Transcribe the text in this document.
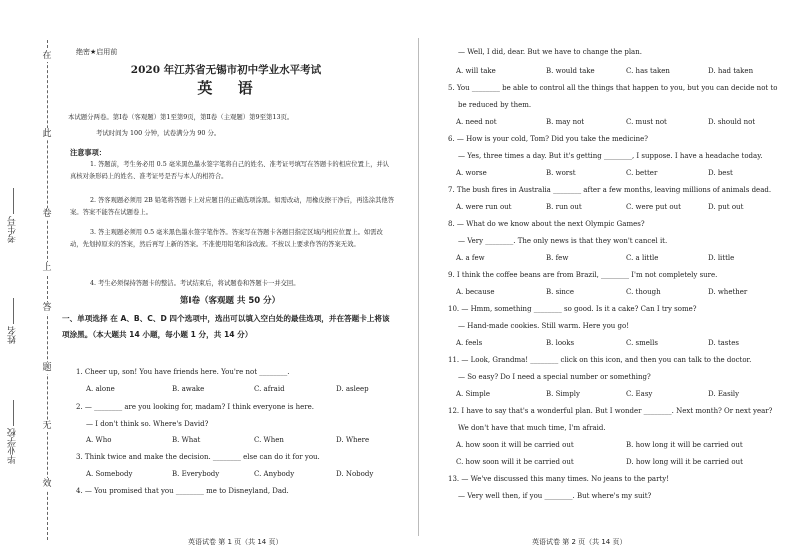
在
此
卷
上
答
题
无
效
考生号
姓名
毕业学校
绝密★启用前
2020 年江苏省无锡市初中学业水平考试
英 语
本试题分两卷。第Ⅰ卷（客观题）第1至第9页，第Ⅱ卷（主观题）第9至第13页。
考试时间为 100 分钟，试卷满分为 90 分。
注意事项：
1. 答题前，考生务必用 0.5 毫米黑色墨水签字笔将自己的姓名、准考证号填写在答题卡的相应位置上，并认真核对条形码上的姓名、准考证号是否与本人的相符合。
2. 答客观题必须用 2B 铅笔将答题卡上对应题目的正确选项涂黑。如需改动，用橡皮擦干净后，再选涂其他答案。答案不能答在试题卷上。
3. 答主观题必须用 0.5 毫米黑色墨水签字笔作答。答案写在答题卡各题目指定区域内相应位置上。如需改动，先划掉原来的答案，然后再写上新的答案。不准使用铅笔和涂改液。不按以上要求作答的答案无效。
4. 考生必须保持答题卡的整洁。考试结束后，将试题卷和答题卡一并交回。
第Ⅰ卷（客观题 共 50 分）
一、单项选择 在 A、B、C、D 四个选项中，选出可以填入空白处的最佳选项，并在答题卡上将该项涂黑。（本大题共 14 小题，每小题 1 分，共 14 分）
1. Cheer up, son! You have friends here. You're not ________.
A. alone	B. awake	C. afraid	D. asleep
2. — ________ are you looking for, madam? I think everyone is here.
— I don't think so. Where's David?
A. Who	B. What	C. When	D. Where
3. Think twice and make the decision. ________ else can do it for you.
A. Somebody	B. Everybody	C. Anybody	D. Nobody
4. — You promised that you ________ me to Disneyland, Dad.
英语试卷 第 1 页（共 14 页）
— Well, I did, dear. But we have to change the plan.
A. will take	B. would take	C. has taken	D. had taken
5. You ________ be able to control all the things that happen to you, but you can decide not to
be reduced by them.
A. need not	B. may not	C. must not	D. should not
6. — How is your cold, Tom? Did you take the medicine?
— Yes, three times a day. But it's getting ________, I suppose. I have a headache today.
A. worse	B. worst	C. better	D. best
7. The bush fires in Australia ________ after a few months, leaving millions of animals dead.
A. were run out	B. run out	C. were put out	D. put out
8. — What do we know about the next Olympic Games?
— Very ________. The only news is that they won't cancel it.
A. a few	B. few	C. a little	D. little
9. I think the coffee beans are from Brazil, ________ I'm not completely sure.
A. because	B. since	C. though	D. whether
10. — Hmm, something ________ so good. Is it a cake? Can I try some?
— Hand-made cookies. Still warm. Here you go!
A. feels	B. looks	C. smells	D. tastes
11. — Look, Grandma! ________ click on this icon, and then you can talk to the doctor.
— So easy? Do I need a special number or something?
A. Simple	B. Simply	C. Easy	D. Easily
12. I have to say that's a wonderful plan. But I wonder ________. Next month? Or next year?
We don't have that much time, I'm afraid.
A. how soon it will be carried out	B. how long it will be carried out
C. how soon will it be carried out	D. how long will it be carried out
13. — We've discussed this many times. No jeans to the party!
— Very well then, if you ________. But where's my suit?
英语试卷 第 2 页（共 14 页）
